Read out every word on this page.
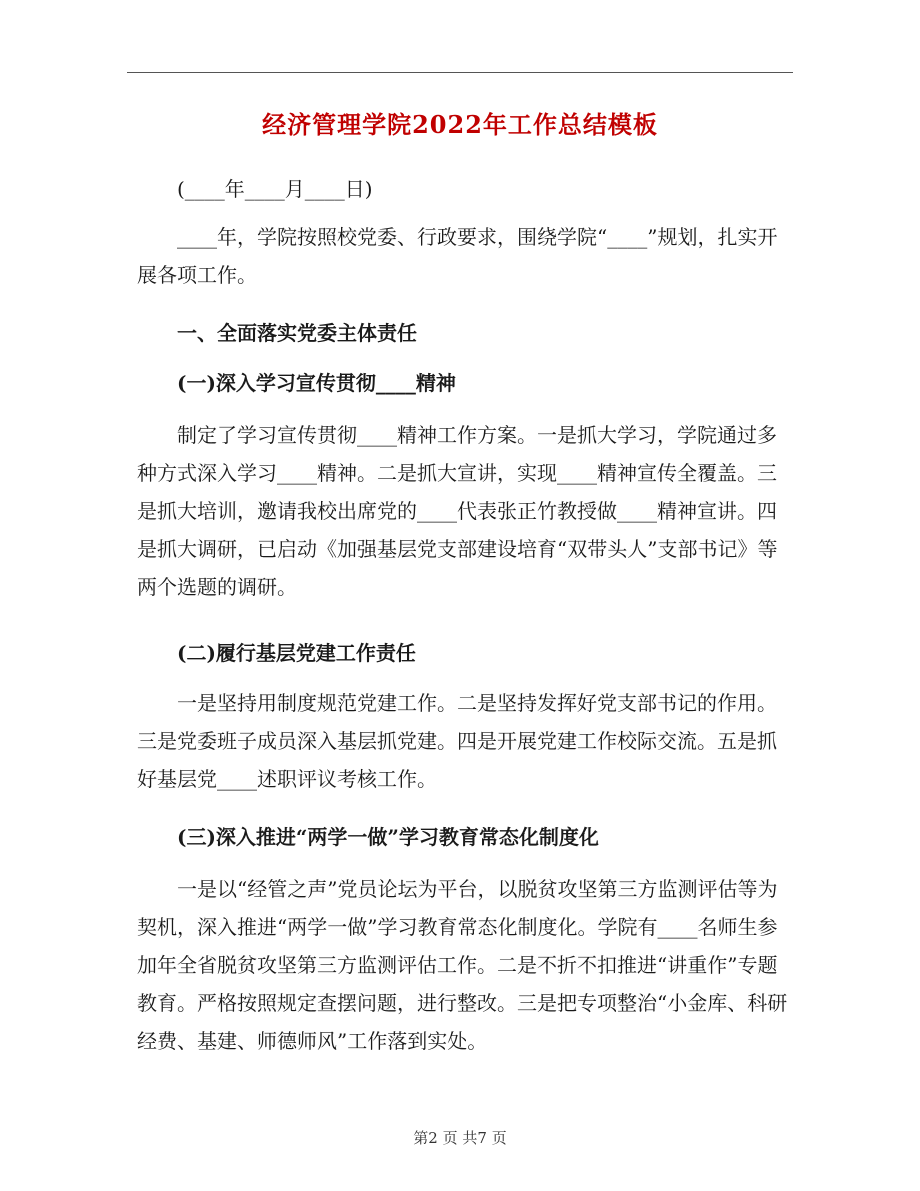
经济管理学院2022年工作总结模板

(____年____月____日)

____年，学院按照校党委、行政要求，围绕学院“____”规划，扎实开展各项工作。

一、全面落实党委主体责任

(一)深入学习宣传贯彻____精神

制定了学习宣传贯彻____精神工作方案。一是抓大学习，学院通过多种方式深入学习____精神。二是抓大宣讲，实现____精神宣传全覆盖。三是抓大培训，邀请我校出席党的____代表张正竹教授做____精神宣讲。四是抓大调研，已启动《加强基层党支部建设培育“双带头人”支部书记》等两个选题的调研。

(二)履行基层党建工作责任

一是坚持用制度规范党建工作。二是坚持发挥好党支部书记的作用。三是党委班子成员深入基层抓党建。四是开展党建工作校际交流。五是抓好基层党____述职评议考核工作。

(三)深入推进“两学一做”学习教育常态化制度化

一是以“经管之声”党员论坛为平台，以脱贫攻坚第三方监测评估等为契机，深入推进“两学一做”学习教育常态化制度化。学院有____名师生参加年全省脱贫攻坚第三方监测评估工作。二是不折不扣推进“讲重作”专题教育。严格按照规定查摆问题，进行整改。三是把专项整治“小金库、科研经费、基建、师德师风”工作落到实处。

第2 页 共7 页
